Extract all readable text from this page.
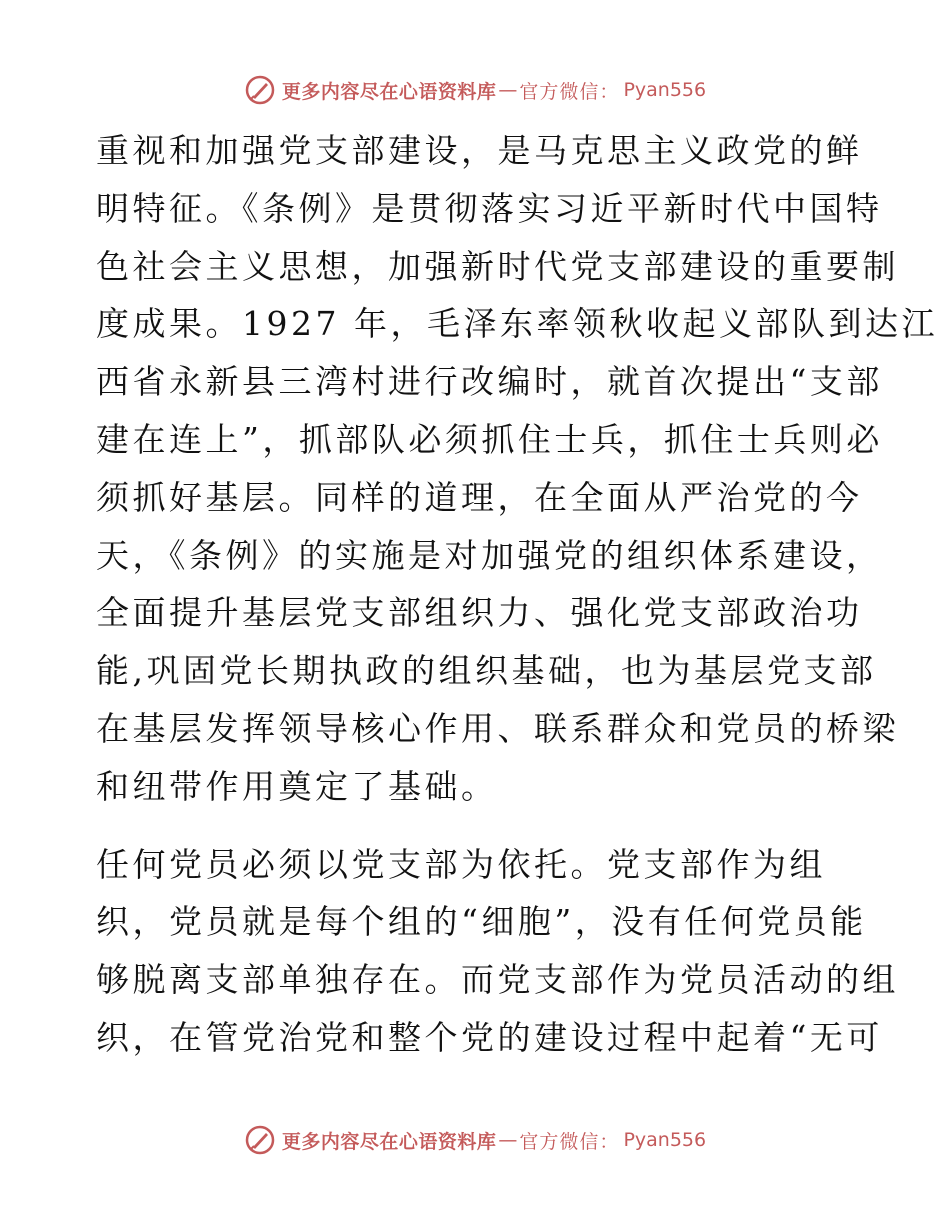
更多内容尽在心语资料库 — 官方微信： Pyan556

重视和加强党支部建设，是马克思主义政党的鲜
明特征。《条例》是贯彻落实习近平新时代中国特
色社会主义思想，加强新时代党支部建设的重要制
度成果。1927 年，毛泽东率领秋收起义部队到达江
西省永新县三湾村进行改编时，就首次提出“支部
建在连上”，抓部队必须抓住士兵，抓住士兵则必
须抓好基层。同样的道理，在全面从严治党的今
天，《条例》的实施是对加强党的组织体系建设，
全面提升基层党支部组织力、强化党支部政治功
能,巩固党长期执政的组织基础，也为基层党支部
在基层发挥领导核心作用、联系群众和党员的桥梁
和纽带作用奠定了基础。

任何党员必须以党支部为依托。党支部作为组
织，党员就是每个组的“细胞”，没有任何党员能
够脱离支部单独存在。而党支部作为党员活动的组
织，在管党治党和整个党的建设过程中起着“无可

更多内容尽在心语资料库 — 官方微信： Pyan556
